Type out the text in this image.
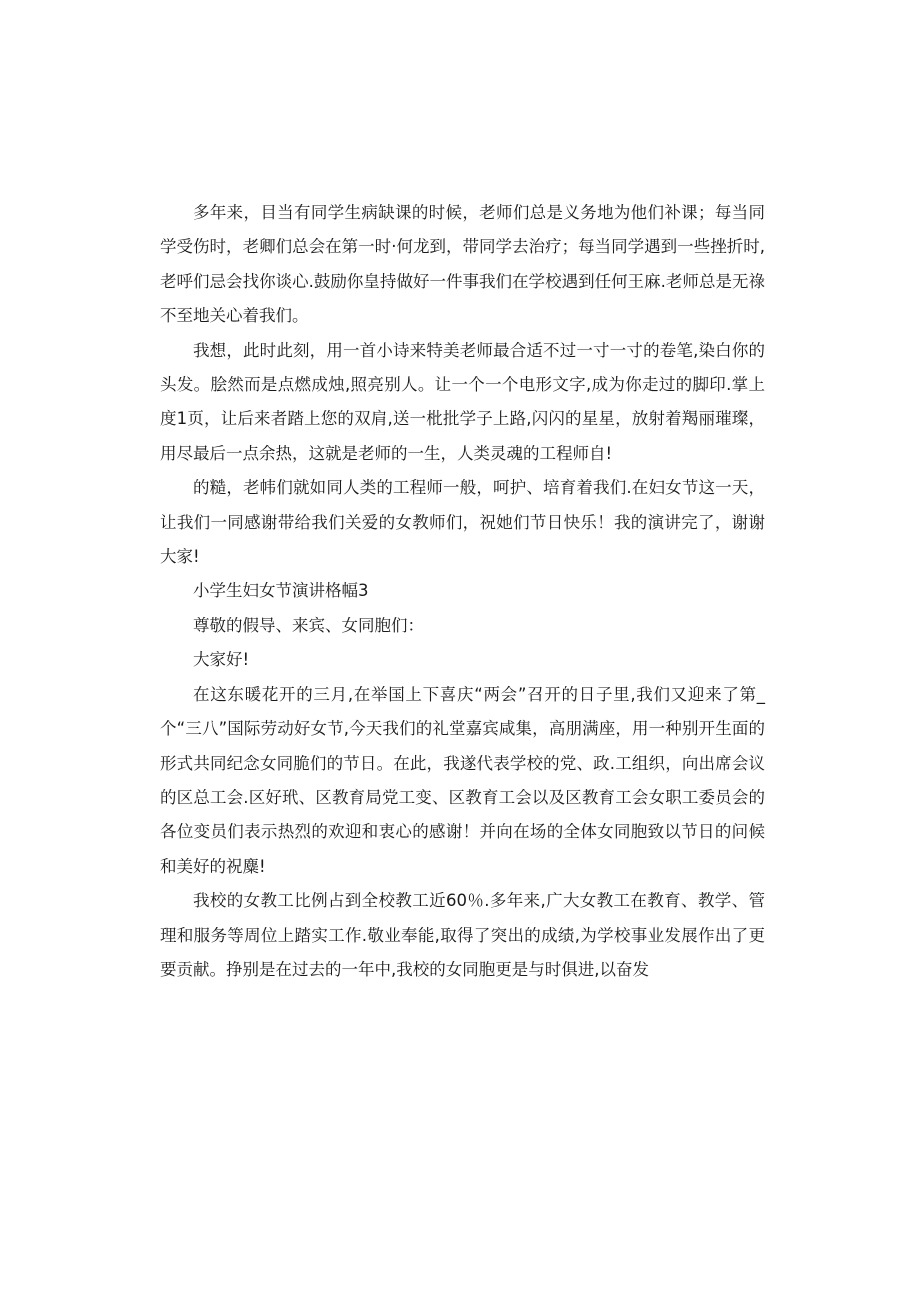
多年来，目当有同学生病缺课的时候，老师们总是义务地为他们补课；每当同学受伤时，老卿们总会在第一时·何龙到，带同学去治疗；每当同学遇到一些挫折时,老呼们忌会找你谈心.鼓励你皇持做好一件事我们在学校遇到任何王麻.老师总是无祿不至地关心着我们。

我想，此时此刻，用一首小诗来特美老师最合适不过一寸一寸的卷笔,染白你的头发。脍然而是点燃成烛,照亮别人。让一个一个电形文字,成为你走过的脚印.掌上度1页，让后来者踏上您的双肩,送一枇批学子上路,闪闪的星星，放射着羯丽璀璨，用尽最后一点余热，这就是老师的一生，人类灵魂的工程师自!

的糙，老帏们就如同人类的工程师一般，呵护、培育着我们.在妇女节这一天，让我们一同感谢带给我们关爱的女教师们，祝她们节日快乐！我的演讲完了，谢谢大家!

小学生妇女节演讲格幅3

尊敬的假导、来宾、女同胞们：

大家好!

在这东暖花开的三月,在举国上下喜庆“两会”召开的日子里,我们又迎来了第_个“三八”国际劳动好女节,今天我们的礼堂嘉宾咸集，高朋满座，用一种别开生面的形式共同纪念女同脆们的节日。在此，我遂代表学校的党、政.工组织，向出席会议的区总工会.区好玳、区教育局党工变、区教育工会以及区教育工会女职工委员会的各位变员们表示热烈的欢迎和衷心的感谢！并向在场的全体女同胞致以节日的问候和美好的祝麋!

我校的女教工比例占到全校教工近60％.多年来,广大女教工在教育、教学、管理和服务等周位上踏实工作.敬业奉能,取得了突出的成绩,为学校事业发展作出了更要贡献。挣别是在过去的一年中,我校的女同胞更是与时俱进,以奋发
